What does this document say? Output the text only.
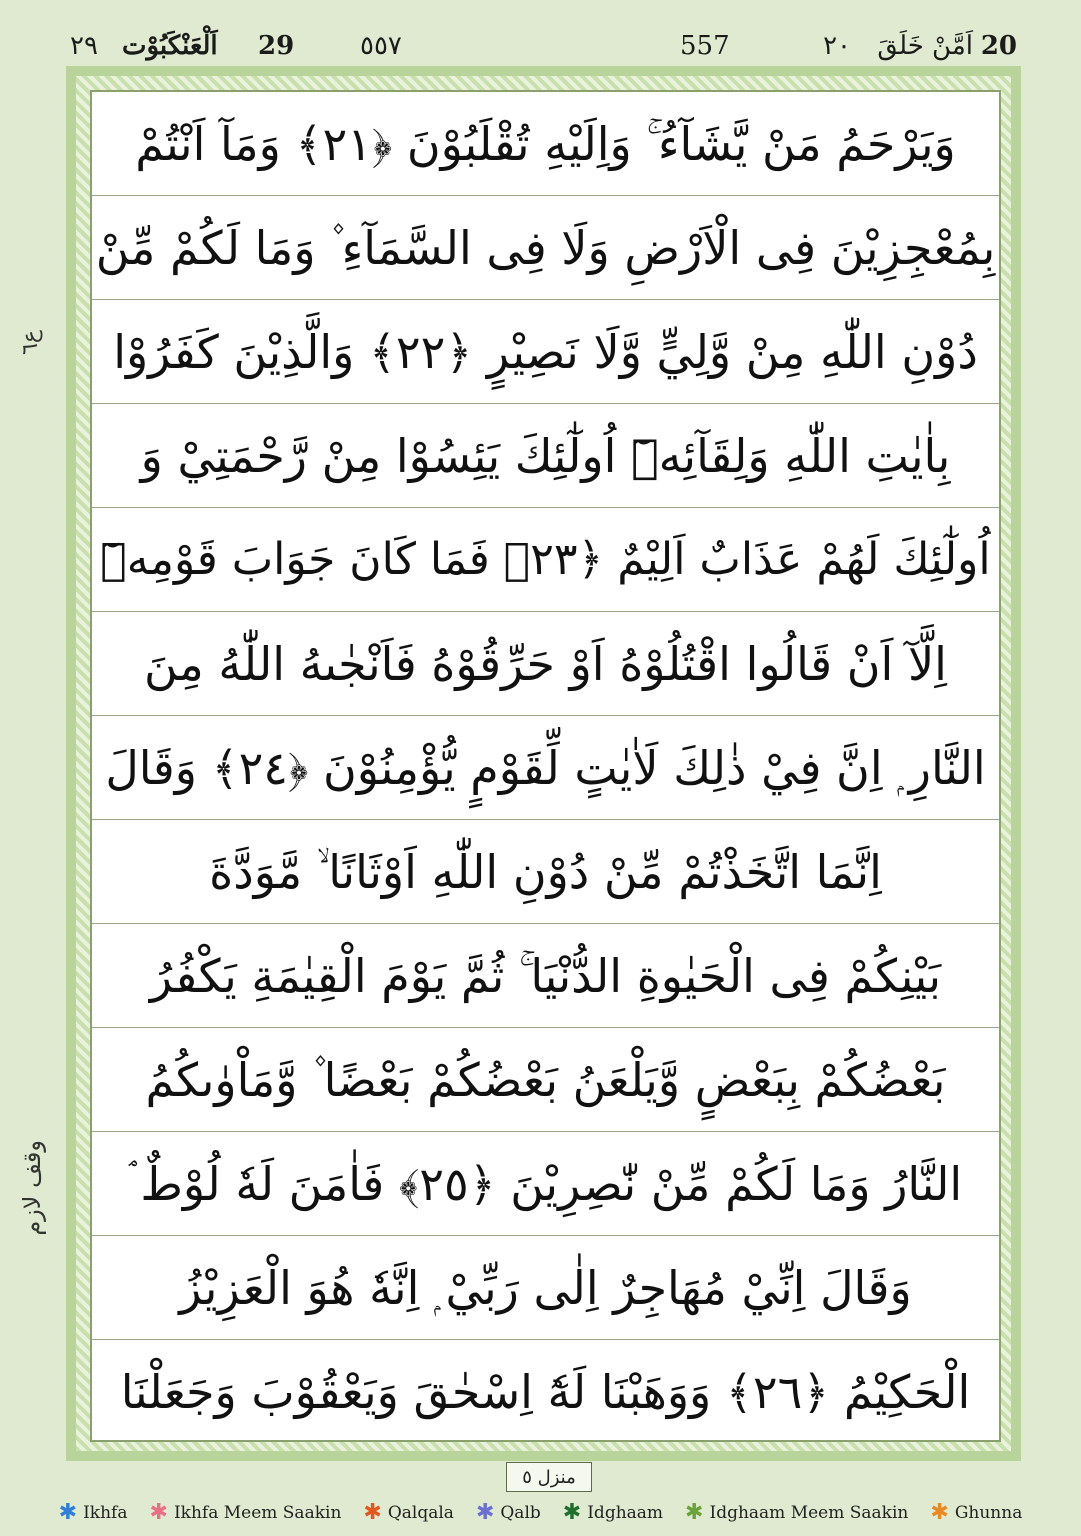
20
اَمَّنْ خَلَقَ
٢٠
557
٥٥٧
29
اَلْعَنْكَبُوْت
٢٩
ع٦
وقف لازم
وَيَرْحَمُ مَنْ يَّشَآءُ ۚ وَاِلَيْهِ تُقْلَبُوْنَ ﴿٢١﴾ وَمَآ اَنْتُمْ
بِمُعْجِزِيْنَ فِى الْاَرْضِ وَلَا فِى السَّمَآءِ ۫ وَمَا لَكُمْ مِّنْ
دُوْنِ اللّٰهِ مِنْ وَّلِيٍّ وَّلَا نَصِيْرٍ ﴿٢٢﴾ وَالَّذِيْنَ كَفَرُوْا
بِاٰيٰتِ اللّٰهِ وَلِقَآئِهٖٓ اُولٰٓئِكَ يَئِسُوْا مِنْ رَّحْمَتِيْ وَ
اُولٰٓئِكَ لَهُمْ عَذَابٌ اَلِيْمٌ ﴿٢٣﴾ فَمَا كَانَ جَوَابَ قَوْمِهٖٓ
اِلَّآ اَنْ قَالُوا اقْتُلُوْهُ اَوْ حَرِّقُوْهُ فَاَنْجٰىهُ اللّٰهُ مِنَ
النَّارِ ۭ اِنَّ فِيْ ذٰلِكَ لَاٰيٰتٍ لِّقَوْمٍ يُّؤْمِنُوْنَ ﴿٢٤﴾ وَقَالَ
اِنَّمَا اتَّخَذْتُمْ مِّنْ دُوْنِ اللّٰهِ اَوْثَانًا ۙ مَّوَدَّةَ
بَيْنِكُمْ فِى الْحَيٰوةِ الدُّنْيَا ۚ ثُمَّ يَوْمَ الْقِيٰمَةِ يَكْفُرُ
بَعْضُكُمْ بِبَعْضٍ وَّيَلْعَنُ بَعْضُكُمْ بَعْضًا ۫ وَّمَاْوٰىكُمُ
النَّارُ وَمَا لَكُمْ مِّنْ نّٰصِرِيْنَ ﴿٢٥﴾ فَاٰمَنَ لَهٗ لُوْطٌ ۘ
وَقَالَ اِنِّيْ مُهَاجِرٌ اِلٰى رَبِّيْ ۭ اِنَّهٗ هُوَ الْعَزِيْزُ
الْحَكِيْمُ ﴿٢٦﴾ وَوَهَبْنَا لَهٗٓ اِسْحٰقَ وَيَعْقُوْبَ وَجَعَلْنَا
منزل ٥
✱ Ikhfa ✱ Ikhfa Meem Saakin ✱ Qalqala ✱ Qalb ✱ Idghaam ✱ Idghaam Meem Saakin ✱ Ghunna
